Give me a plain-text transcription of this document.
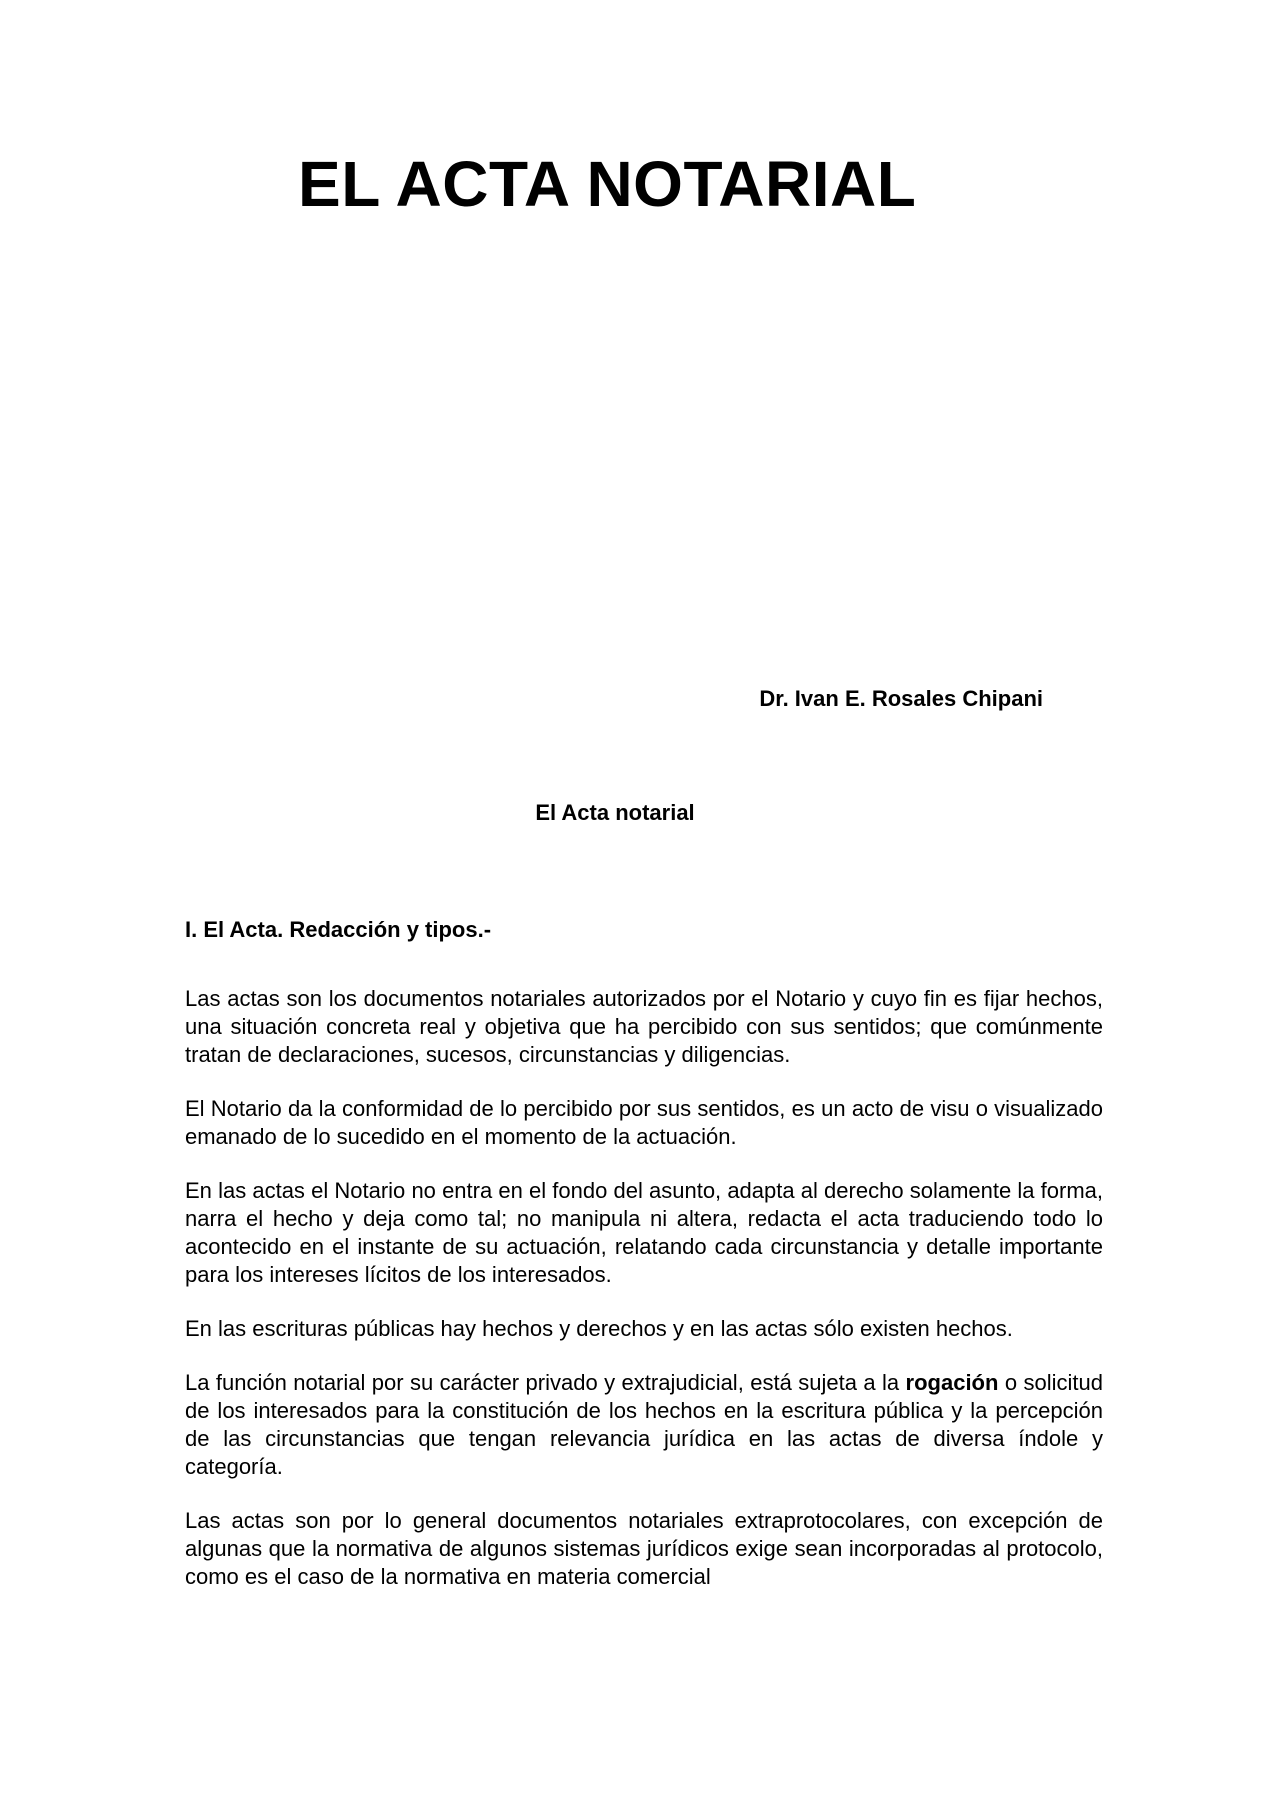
EL ACTA NOTARIAL
Dr. Ivan E. Rosales Chipani
El Acta notarial
I. El Acta. Redacción y tipos.-

Las actas son los documentos notariales autorizados por el Notario y cuyo fin es fijar hechos, una situación concreta real y objetiva que ha percibido con sus sentidos; que comúnmente tratan de declaraciones, sucesos, circunstancias y diligencias.

El Notario da la conformidad de lo percibido por sus sentidos, es un acto de visu o visualizado emanado de lo sucedido en el momento de la actuación.

En las actas el Notario no entra en el fondo del asunto, adapta al derecho solamente la forma, narra el hecho y deja como tal; no manipula ni altera, redacta el acta traduciendo todo lo acontecido en el instante de su actuación, relatando cada circunstancia y detalle importante para los intereses lícitos de los interesados.

En las escrituras públicas hay hechos y derechos y en las actas sólo existen hechos.

La función notarial por su carácter privado y extrajudicial, está sujeta a la rogación o solicitud de los interesados para la constitución de los hechos en la escritura pública y la percepción de las circunstancias que tengan relevancia jurídica en las actas de diversa índole y categoría.

Las actas son por lo general documentos notariales extraprotocolares, con excepción de algunas que la normativa de algunos sistemas jurídicos exige sean incorporadas al protocolo, como es el caso de la normativa en materia comercial
